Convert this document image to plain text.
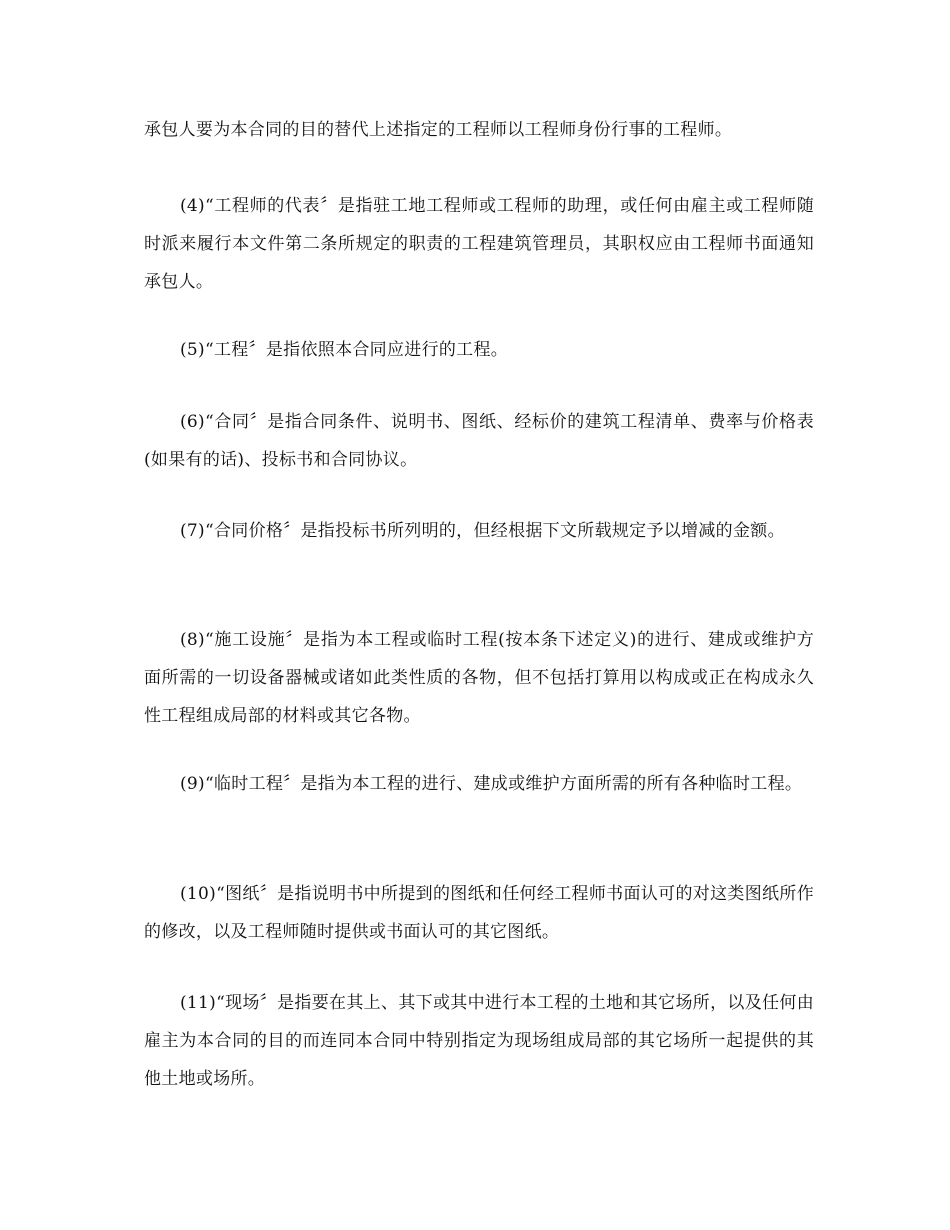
承包人要为本合同的目的替代上述指定的工程师以工程师身份行事的工程师。

(4)“工程师的代表〞是指驻工地工程师或工程师的助理，或任何由雇主或工程师随时派来履行本文件第二条所规定的职责的工程建筑管理员，其职权应由工程师书面通知承包人。

(5)“工程〞是指依照本合同应进行的工程。

(6)“合同〞是指合同条件、说明书、图纸、经标价的建筑工程清单、费率与价格表(如果有的话)、投标书和合同协议。

(7)“合同价格〞是指投标书所列明的，但经根据下文所载规定予以增减的金额。

(8)“施工设施〞是指为本工程或临时工程(按本条下述定义)的进行、建成或维护方面所需的一切设备器械或诸如此类性质的各物，但不包括打算用以构成或正在构成永久性工程组成局部的材料或其它各物。

(9)“临时工程〞是指为本工程的进行、建成或维护方面所需的所有各种临时工程。

(10)“图纸〞是指说明书中所提到的图纸和任何经工程师书面认可的对这类图纸所作的修改，以及工程师随时提供或书面认可的其它图纸。

(11)“现场〞是指要在其上、其下或其中进行本工程的土地和其它场所，以及任何由雇主为本合同的目的而连同本合同中特别指定为现场组成局部的其它场所一起提供的其他土地或场所。
